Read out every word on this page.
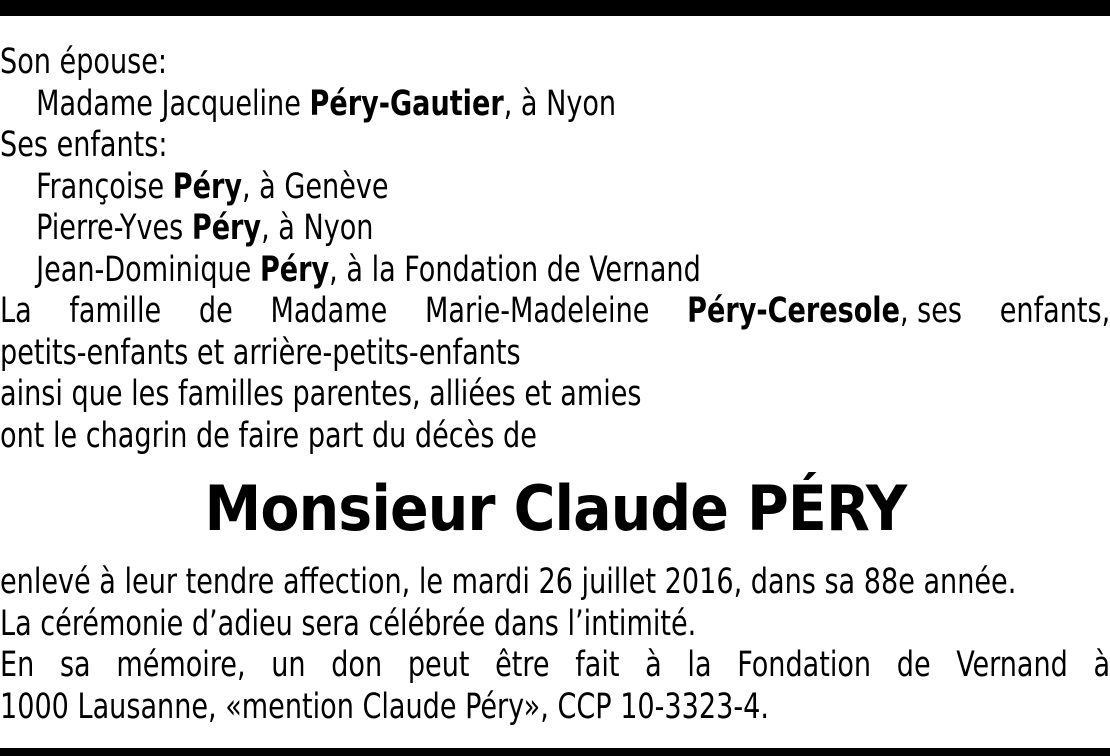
Son épouse:
Madame Jacqueline Péry-Gautier, à Nyon
Ses enfants:
Françoise Péry, à Genève
Pierre-Yves Péry, à Nyon
Jean-Dominique Péry, à la Fondation de Vernand
La famille de Madame Marie-Madeleine Péry-Ceresole, ses enfants,
petits-enfants et arrière-petits-enfants
ainsi que les familles parentes, alliées et amies
ont le chagrin de faire part du décès de
Monsieur Claude PÉRY
enlevé à leur tendre affection, le mardi 26 juillet 2016, dans sa 88e année.
La cérémonie d’adieu sera célébrée dans l’intimité.
En sa mémoire, un don peut être fait à la Fondation de Vernand à
1000 Lausanne, «mention Claude Péry», CCP 10-3323-4.
